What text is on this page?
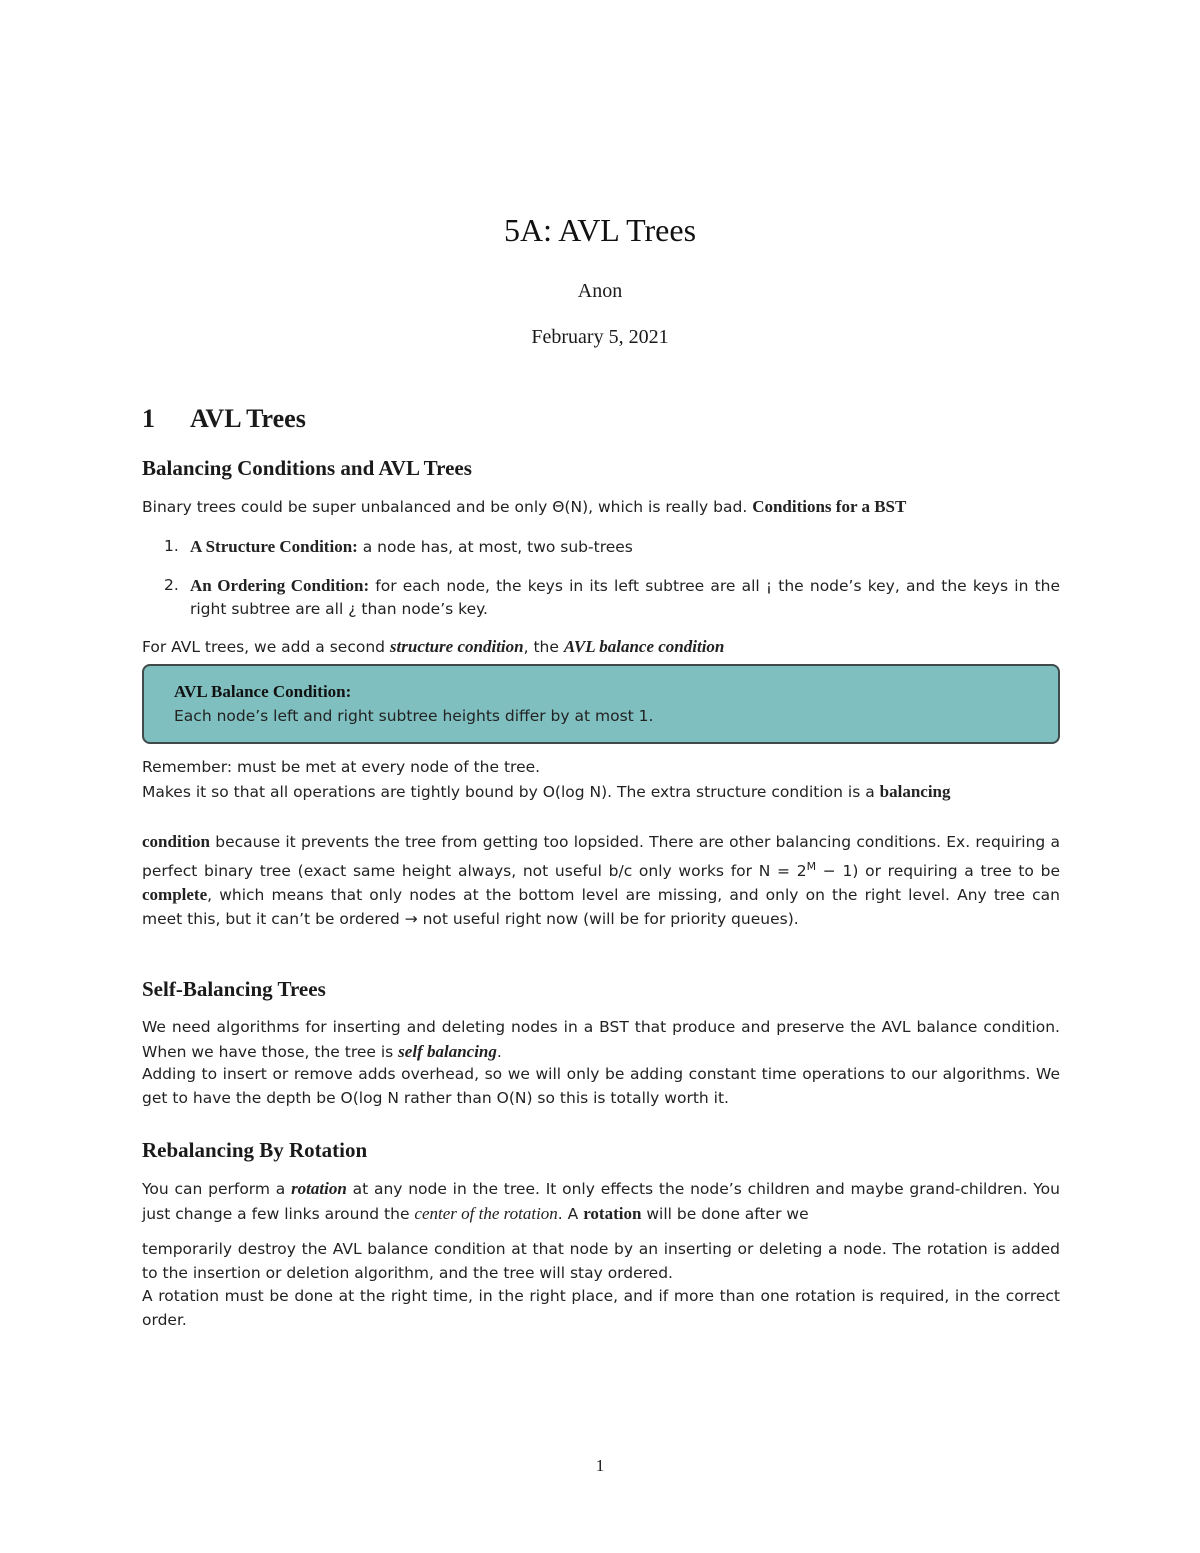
5A: AVL Trees
Anon
February 5, 2021
1 AVL Trees
Balancing Conditions and AVL Trees

Binary trees could be super unbalanced and be only Θ(N), which is really bad. Conditions for a BST

1. A Structure Condition: a node has, at most, two sub-trees
2. An Ordering Condition: for each node, the keys in its left subtree are all ¡ the node’s key, and the keys in the right subtree are all ¿ than node’s key.

For AVL trees, we add a second structure condition, the AVL balance condition

AVL Balance Condition:
Each node’s left and right subtree heights differ by at most 1.

Remember: must be met at every node of the tree.

Makes it so that all operations are tightly bound by O(log N). The extra structure condition is a balancing

condition because it prevents the tree from getting too lopsided. There are other balancing conditions. Ex. requiring a perfect binary tree (exact same height always, not useful b/c only works for $N = 2^M - 1$) or requiring a tree to be complete, which means that only nodes at the bottom level are missing, and only on the right level. Any tree can meet this, but it can’t be ordered → not useful right now (will be for priority queues).

Self-Balancing Trees

We need algorithms for inserting and deleting nodes in a BST that produce and preserve the AVL balance condition. When we have those, the tree is self balancing.

Adding to insert or remove adds overhead, so we will only be adding constant time operations to our algorithms. We get to have the depth be O(log N rather than O(N) so this is totally worth it.

Rebalancing By Rotation

You can perform a rotation at any node in the tree. It only effects the node’s children and maybe grand-children. You just change a few links around the center of the rotation. A rotation will be done after we

temporarily destroy the AVL balance condition at that node by an inserting or deleting a node. The rotation is added to the insertion or deletion algorithm, and the tree will stay ordered.

A rotation must be done at the right time, in the right place, and if more than one rotation is required, in the correct order.

1
